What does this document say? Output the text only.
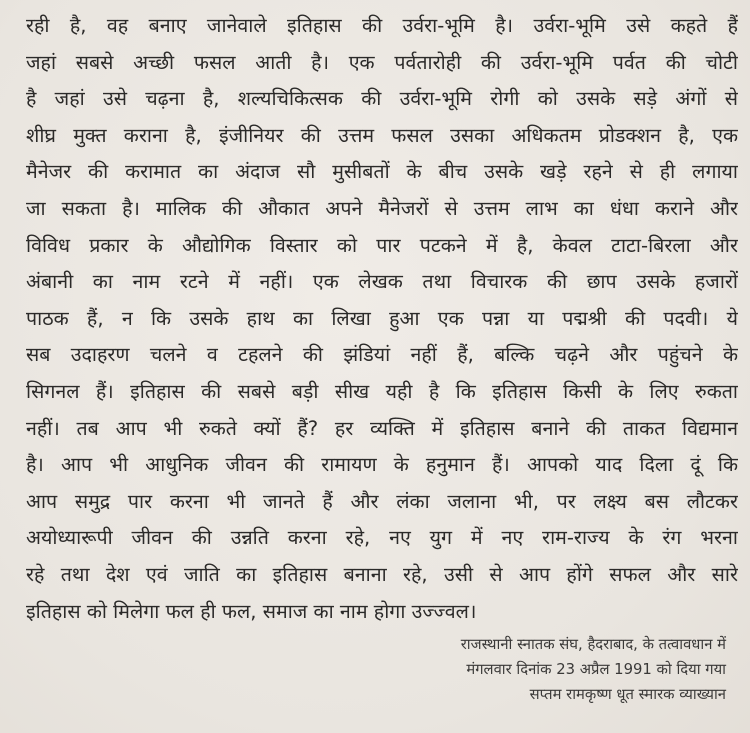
रही है, वह बनाए जानेवाले इतिहास की उर्वरा-भूमि है। उर्वरा-भूमि उसे कहते हैं
जहां सबसे अच्छी फसल आती है। एक पर्वतारोही की उर्वरा-भूमि पर्वत की चोटी
है जहां उसे चढ़ना है, शल्यचिकित्सक की उर्वरा-भूमि रोगी को उसके सड़े अंगों से
शीघ्र मुक्त कराना है, इंजीनियर की उत्तम फसल उसका अधिकतम प्रोडक्शन है, एक
मैनेजर की करामात का अंदाज सौ मुसीबतों के बीच उसके खड़े रहने से ही लगाया
जा सकता है। मालिक की औकात अपने मैनेजरों से उत्तम लाभ का धंधा कराने और
विविध प्रकार के औद्योगिक विस्तार को पार पटकने में है, केवल टाटा-बिरला और
अंबानी का नाम रटने में नहीं। एक लेखक तथा विचारक की छाप उसके हजारों
पाठक हैं, न कि उसके हाथ का लिखा हुआ एक पन्ना या पद्मश्री की पदवी। ये
सब उदाहरण चलने व टहलने की झंडियां नहीं हैं, बल्कि चढ़ने और पहुंचने के
सिगनल हैं। इतिहास की सबसे बड़ी सीख यही है कि इतिहास किसी के लिए रुकता
नहीं। तब आप भी रुकते क्यों हैं? हर व्यक्ति में इतिहास बनाने की ताकत विद्यमान
है। आप भी आधुनिक जीवन की रामायण के हनुमान हैं। आपको याद दिला दूं कि
आप समुद्र पार करना भी जानते हैं और लंका जलाना भी, पर लक्ष्य बस लौटकर
अयोध्यारूपी जीवन की उन्नति करना रहे, नए युग में नए राम-राज्य के रंग भरना
रहे तथा देश एवं जाति का इतिहास बनाना रहे, उसी से आप होंगे सफल और सारे
इतिहास को मिलेगा फल ही फल, समाज का नाम होगा उज्ज्वल।
राजस्थानी स्नातक संघ, हैदराबाद, के तत्वावधान में
मंगलवार दिनांक 23 अप्रैल 1991 को दिया गया
सप्तम रामकृष्ण धूत स्मारक व्याख्यान
